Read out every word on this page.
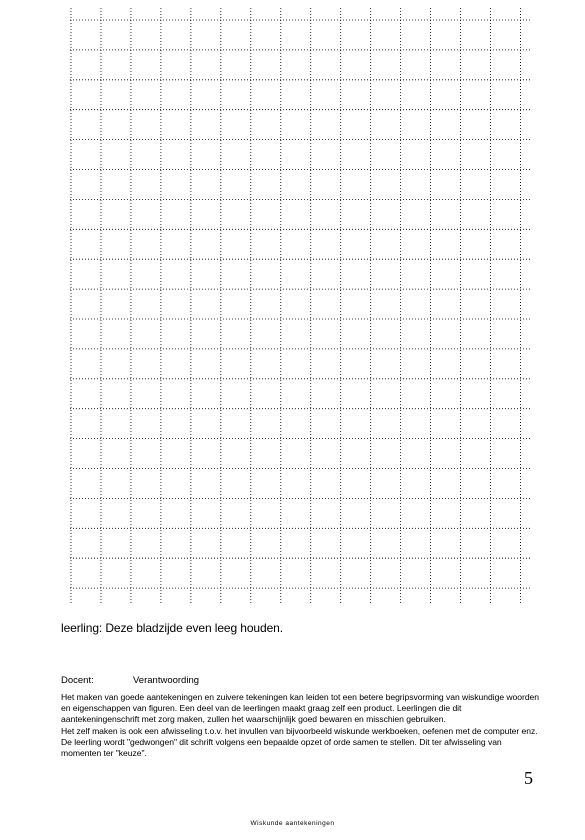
leerling: Deze bladzijde even leeg houden.
Docent:	Verantwoording

Het maken van goede aantekeningen en zuivere tekeningen kan leiden tot een betere begripsvorming van wiskundige woorden en eigenschappen van figuren. Een deel van de leerlingen maakt graag zelf een product. Leerlingen die dit aantekeningenschrift met zorg maken, zullen het waarschijnlijk goed bewaren en misschien gebruiken.

Het zelf maken is ook een afwisseling t.o.v. het invullen van bijvoorbeeld wiskunde werkboeken, oefenen met de computer enz.

De leerling wordt "gedwongen" dit schrift volgens een bepaalde opzet of orde samen te stellen. Dit ter afwisseling van momenten ter "keuze".

5
Wiskunde aantekeningen
